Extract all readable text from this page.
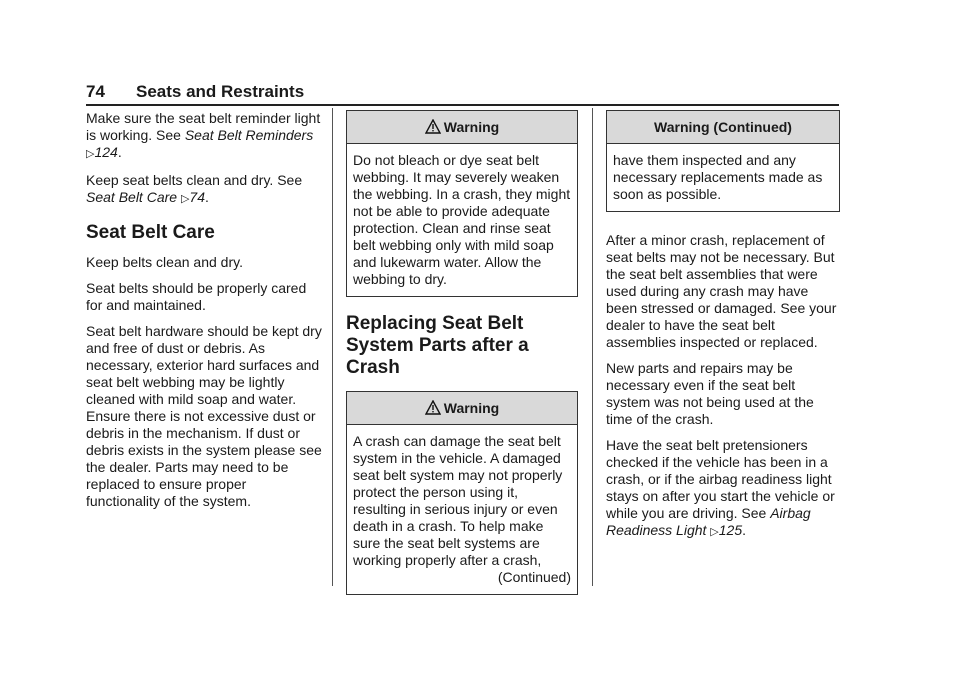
74 Seats and Restraints

Make sure the seat belt reminder light is working. See Seat Belt Reminders ▷124.

Keep seat belts clean and dry. See Seat Belt Care ▷74.

Seat Belt Care

Keep belts clean and dry.

Seat belts should be properly cared for and maintained.

Seat belt hardware should be kept dry and free of dust or debris. As necessary, exterior hard surfaces and seat belt webbing may be lightly cleaned with mild soap and water. Ensure there is not excessive dust or debris in the mechanism. If dust or debris exists in the system please see the dealer. Parts may need to be replaced to ensure proper functionality of the system.

Warning
Do not bleach or dye seat belt webbing. It may severely weaken the webbing. In a crash, they might not be able to provide adequate protection. Clean and rinse seat belt webbing only with mild soap and lukewarm water. Allow the webbing to dry.
Replacing Seat Belt System Parts after a Crash
Warning
A crash can damage the seat belt system in the vehicle. A damaged seat belt system may not properly protect the person using it, resulting in serious injury or even death in a crash. To help make sure the seat belt systems are working properly after a crash,
(Continued)
Warning (Continued)
have them inspected and any necessary replacements made as soon as possible.

After a minor crash, replacement of seat belts may not be necessary. But the seat belt assemblies that were used during any crash may have been stressed or damaged. See your dealer to have the seat belt assemblies inspected or replaced.

New parts and repairs may be necessary even if the seat belt system was not being used at the time of the crash.

Have the seat belt pretensioners checked if the vehicle has been in a crash, or if the airbag readiness light stays on after you start the vehicle or while you are driving. See Airbag Readiness Light ▷125.
